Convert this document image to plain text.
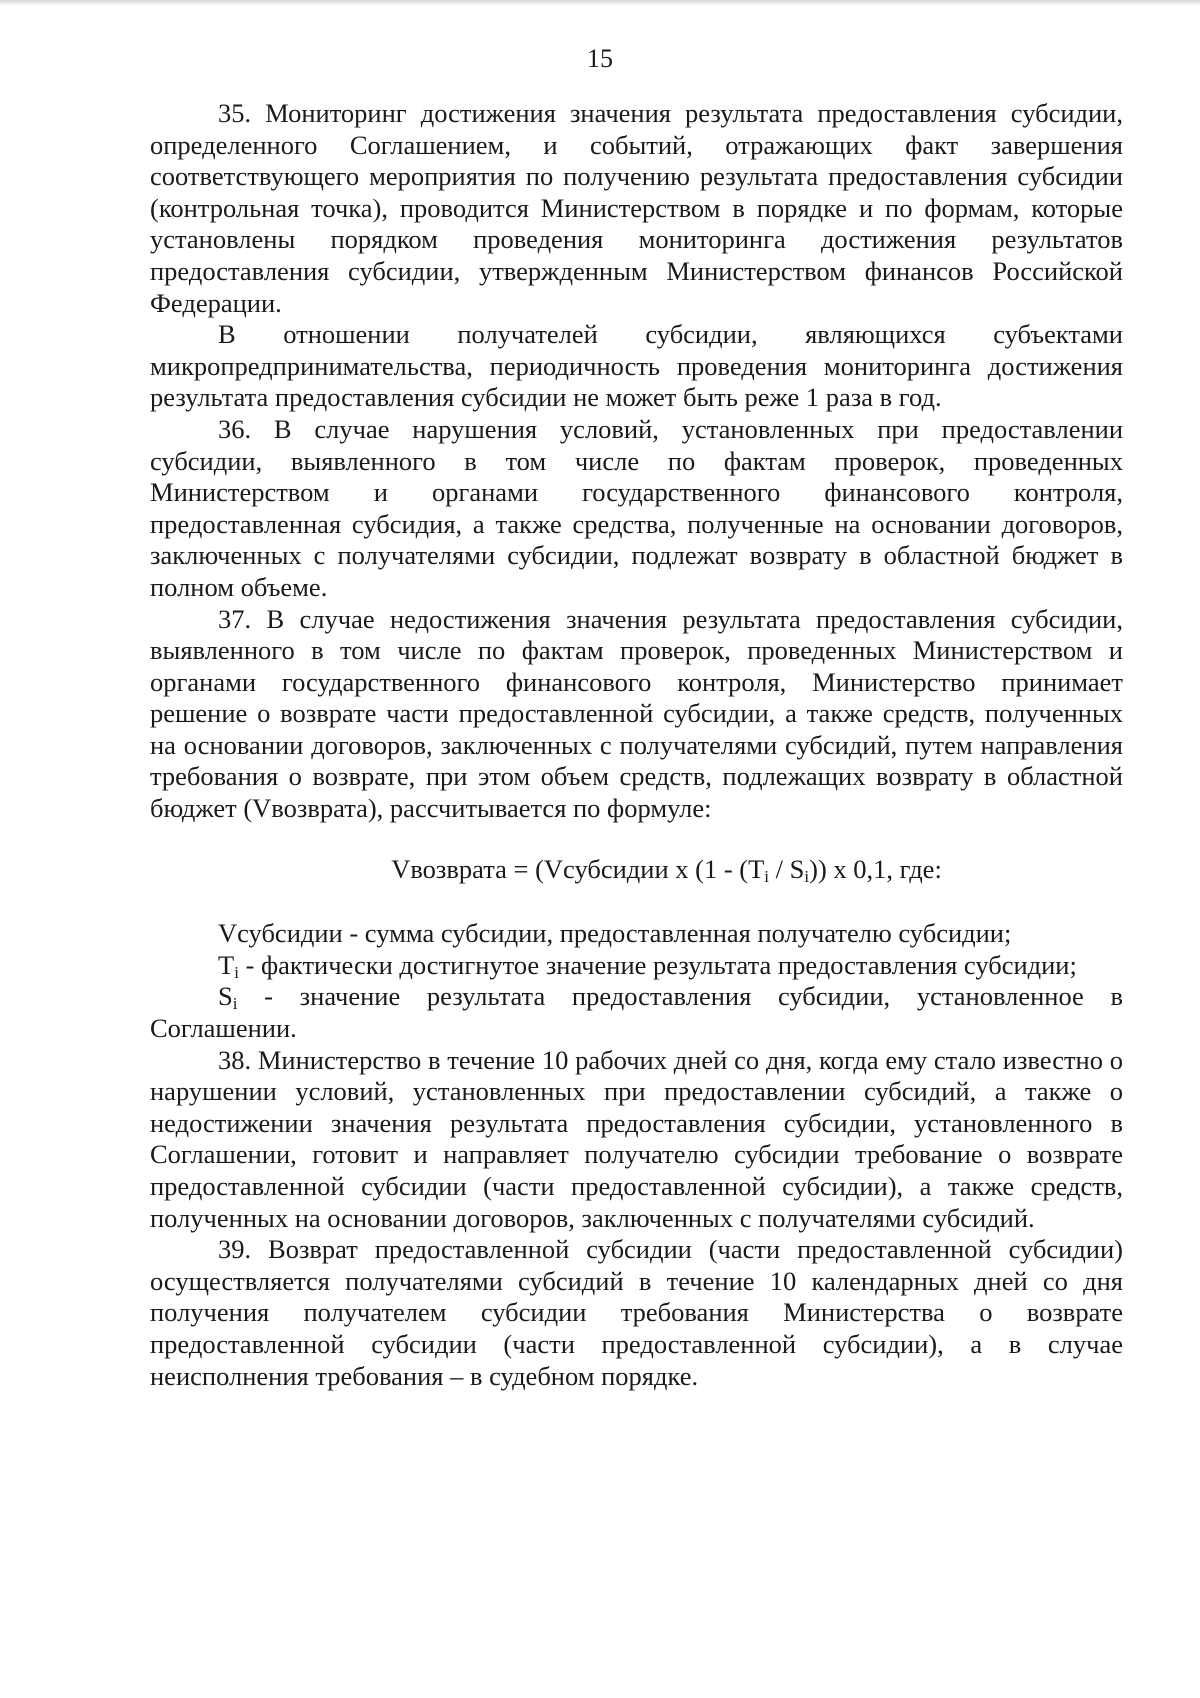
15

35. Мониторинг достижения значения результата предоставления субсидии, определенного Соглашением, и событий, отражающих факт завершения соответствующего мероприятия по получению результата предоставления субсидии (контрольная точка), проводится Министерством в порядке и по формам, которые установлены порядком проведения мониторинга достижения результатов предоставления субсидии, утвержденным Министерством финансов Российской Федерации.

В отношении получателей субсидии, являющихся субъектами микропредпринимательства, периодичность проведения мониторинга достижения результата предоставления субсидии не может быть реже 1 раза в год.

36. В случае нарушения условий, установленных при предоставлении субсидии, выявленного в том числе по фактам проверок, проведенных Министерством и органами государственного финансового контроля, предоставленная субсидия, а также средства, полученные на основании договоров, заключенных с получателями субсидии, подлежат возврату в областной бюджет в полном объеме.

37. В случае недостижения значения результата предоставления субсидии, выявленного в том числе по фактам проверок, проведенных Министерством и органами государственного финансового контроля, Министерство принимает решение о возврате части предоставленной субсидии, а также средств, полученных на основании договоров, заключенных с получателями субсидий, путем направления требования о возврате, при этом объем средств, подлежащих возврату в областной бюджет (Vвозврата), рассчитывается по формуле:

Vвозврата = (Vсубсидии x $(1 - (T_i / S_i))$ x 0,1, где:

Vсубсидии - сумма субсидии, предоставленная получателю субсидии;

$T_i$ - фактически достигнутое значение результата предоставления субсидии;

$S_i$ - значение результата предоставления субсидии, установленное в Соглашении.

38. Министерство в течение 10 рабочих дней со дня, когда ему стало известно о нарушении условий, установленных при предоставлении субсидий, а также о недостижении значения результата предоставления субсидии, установленного в Соглашении, готовит и направляет получателю субсидии требование о возврате предоставленной субсидии (части предоставленной субсидии), а также средств, полученных на основании договоров, заключенных с получателями субсидий.

39. Возврат предоставленной субсидии (части предоставленной субсидии) осуществляется получателями субсидий в течение 10 календарных дней со дня получения получателем субсидии требования Министерства о возврате предоставленной субсидии (части предоставленной субсидии), а в случае неисполнения требования – в судебном порядке.
